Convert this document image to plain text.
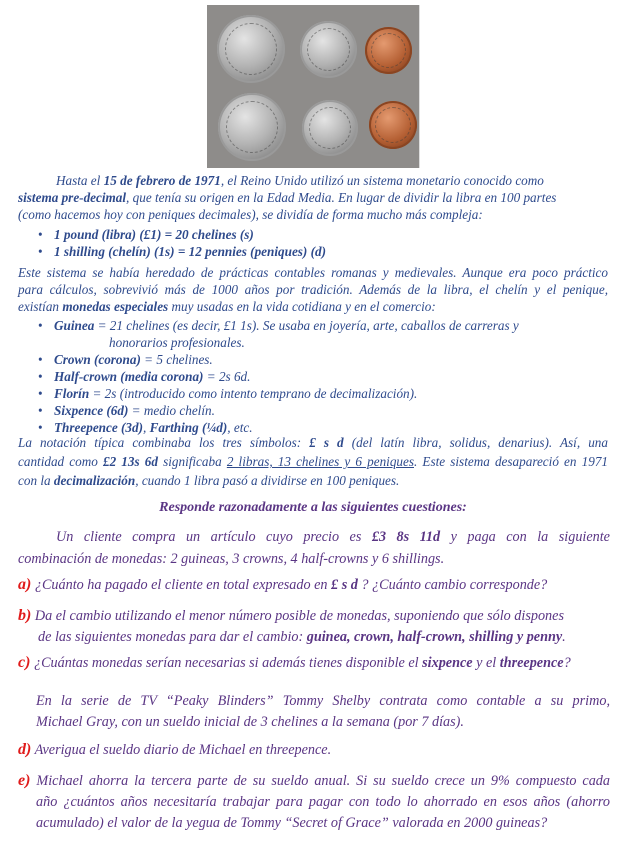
Hasta el 15 de febrero de 1971, el Reino Unido utilizó un sistema monetario conocido como
sistema pre-decimal, que tenía su origen en la Edad Media. En lugar de dividir la libra en 100 partes
(como hacemos hoy con peniques decimales), se dividía de forma mucho más compleja:
• 1 pound (libra) (£1) = 20 chelines (s)
• 1 shilling (chelín) (1s) = 12 pennies (peniques) (d)
Este sistema se había heredado de prácticas contables romanas y medievales. Aunque era poco práctico
para cálculos, sobrevivió más de 1000 años por tradición. Además de la libra, el chelín y el penique,
existían monedas especiales muy usadas en la vida cotidiana y en el comercio:
• Guinea = 21 chelines (es decir, £1 1s). Se usaba en joyería, arte, caballos de carreras y
honorarios profesionales.
• Crown (corona) = 5 chelines.
• Half-crown (media corona) = 2s 6d.
• Florín = 2s (introducido como intento temprano de decimalización).
• Sixpence (6d) = medio chelín.
• Threepence (3d), Farthing (¼d), etc.
La notación típica combinaba los tres símbolos: £ s d (del latín libra, solidus, denarius). Así, una
cantidad como £2 13s 6d significaba 2 libras, 13 chelines y 6 peniques. Este sistema desapareció en 1971
con la decimalización, cuando 1 libra pasó a dividirse en 100 peniques.
Responde razonadamente a las siguientes cuestiones:
Un cliente compra un artículo cuyo precio es £3 8s 11d y paga con la siguiente
combinación de monedas: 2 guineas, 3 crowns, 4 half-crowns y 6 shillings.
a) ¿Cuánto ha pagado el cliente en total expresado en £ s d ? ¿Cuánto cambio corresponde?
b) Da el cambio utilizando el menor número posible de monedas, suponiendo que sólo dispones
de las siguientes monedas para dar el cambio: guinea, crown, half-crown, shilling y penny.
c) ¿Cuántas monedas serían necesarias si además tienes disponible el sixpence y el threepence?
En la serie de TV “Peaky Blinders” Tommy Shelby contrata como contable a su primo,
Michael Gray, con un sueldo inicial de 3 chelines a la semana (por 7 días).
d) Averigua el sueldo diario de Michael en threepence.
e) Michael ahorra la tercera parte de su sueldo anual. Si su sueldo crece un 9% compuesto cada
año ¿cuántos años necesitaría trabajar para pagar con todo lo ahorrado en esos años (ahorro
acumulado) el valor de la yegua de Tommy “Secret of Grace” valorada en 2000 guineas?
